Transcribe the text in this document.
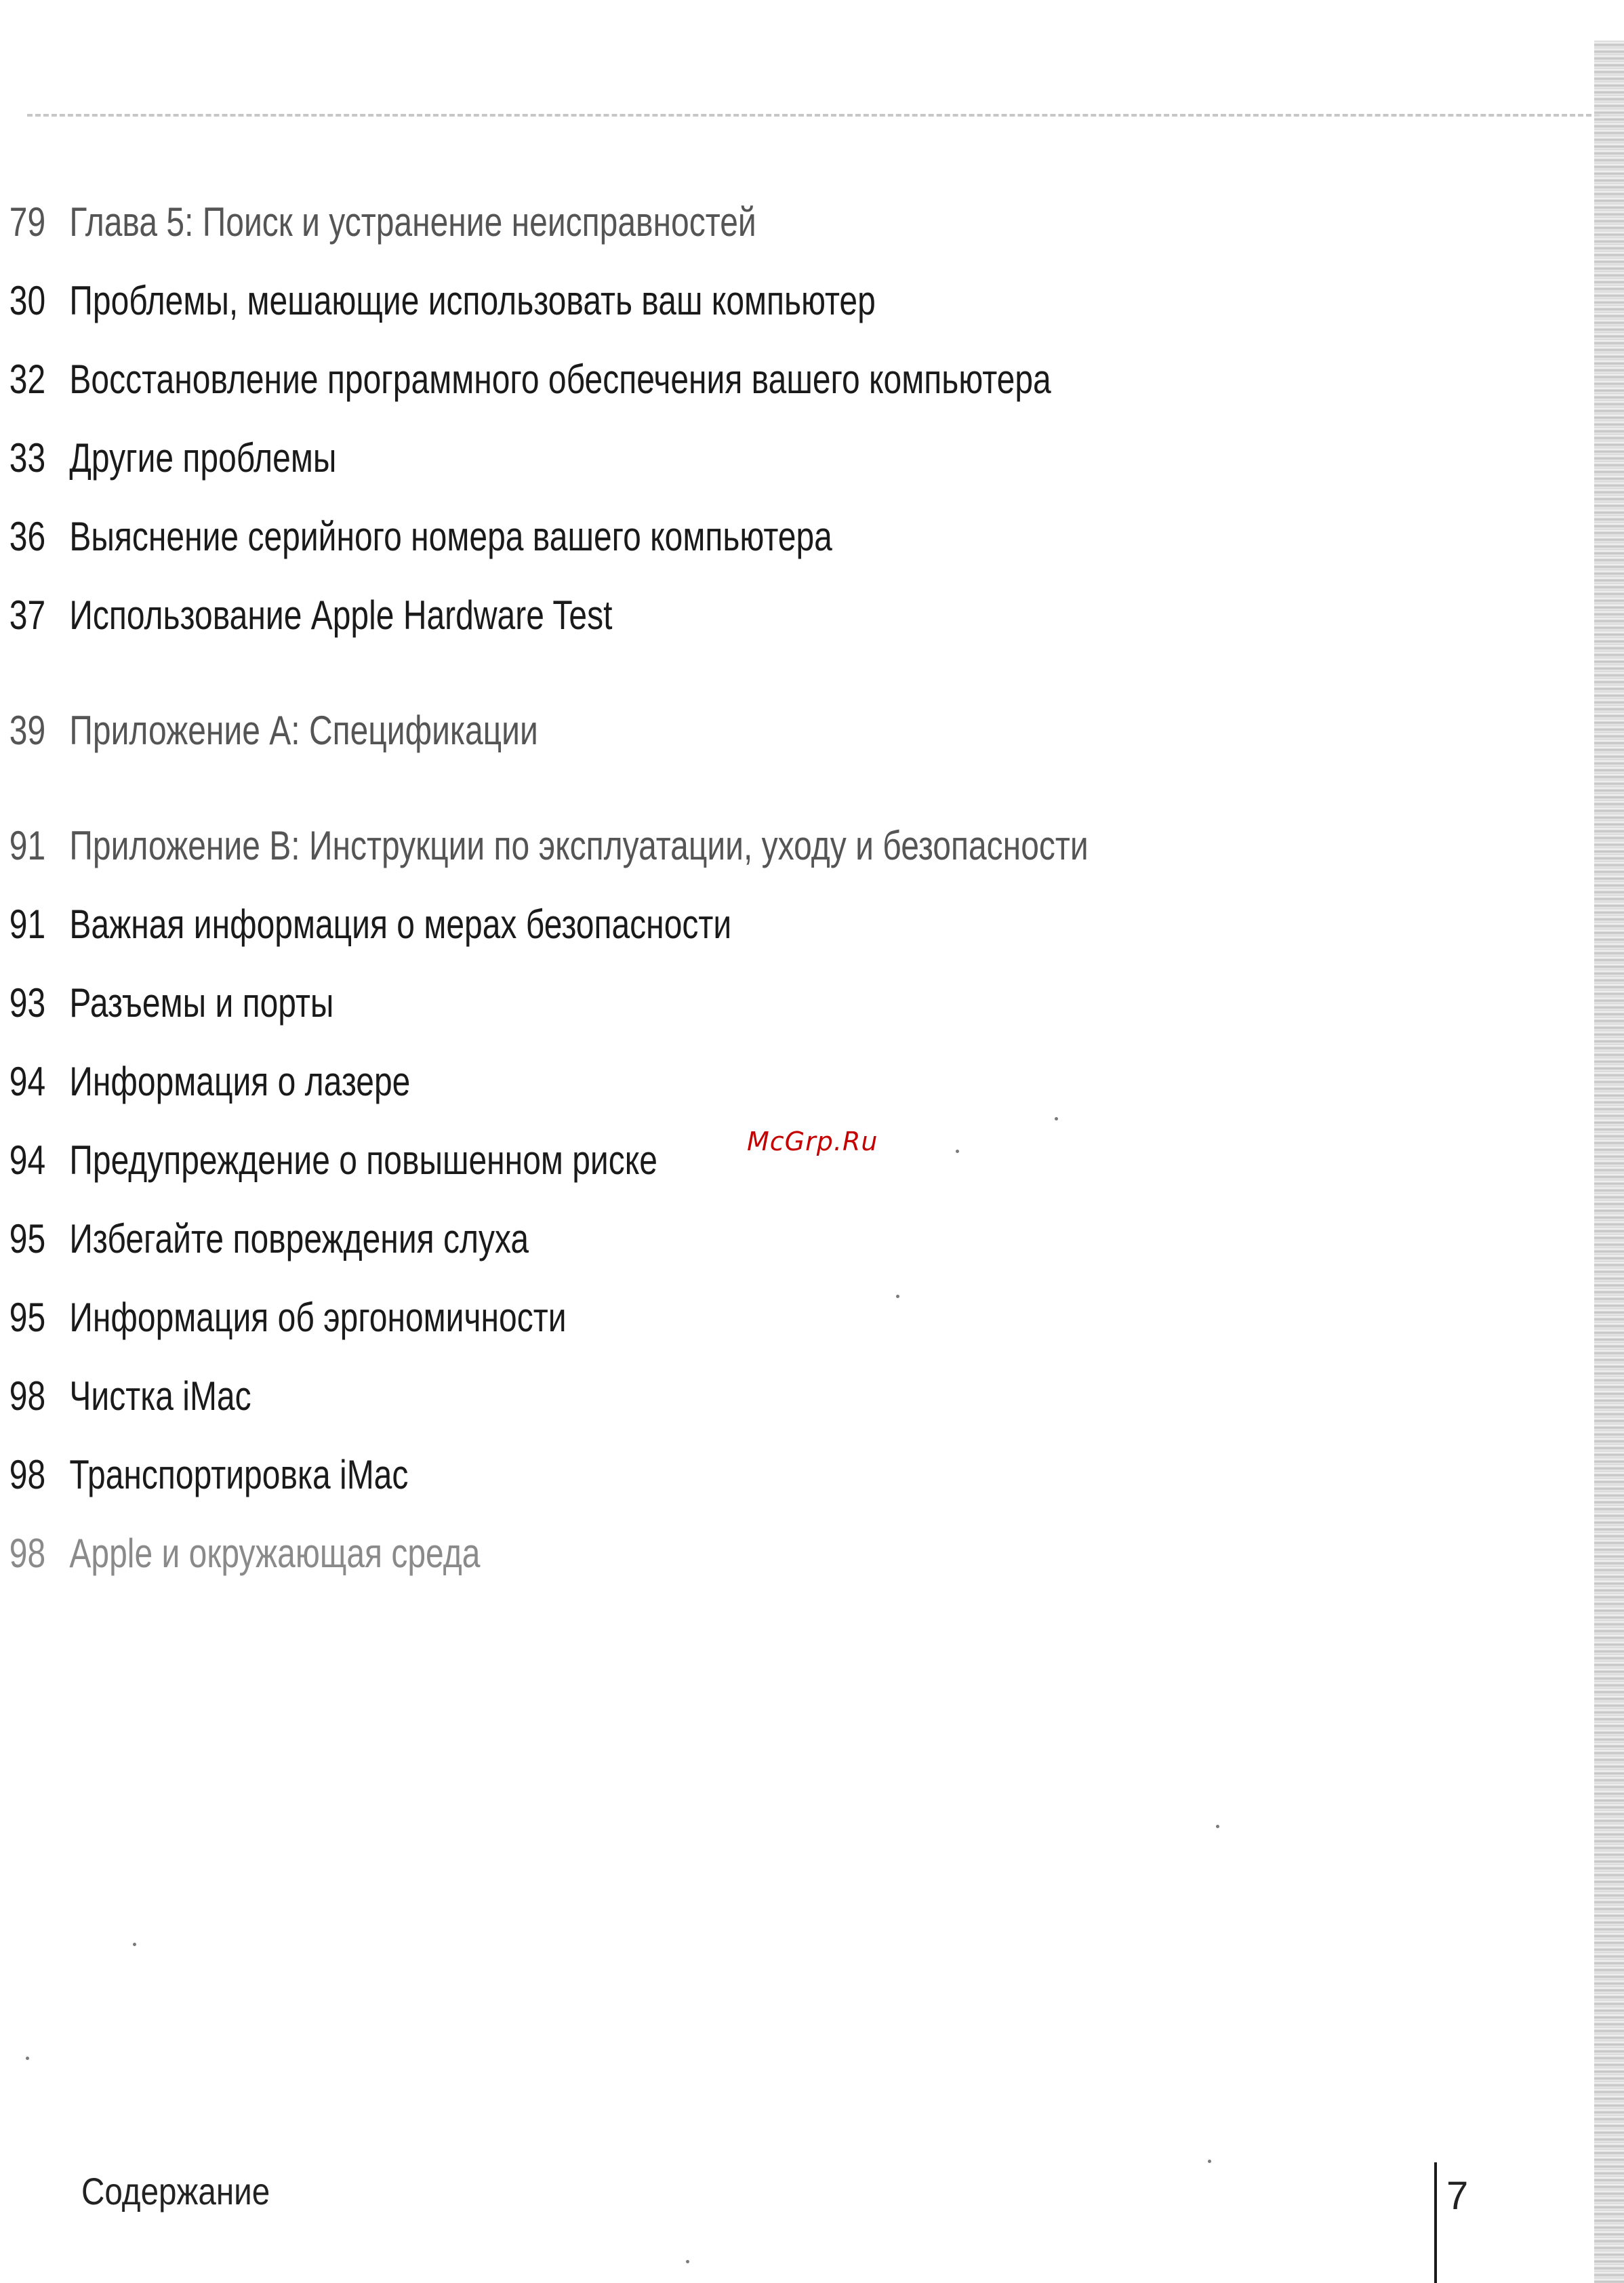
79 Глава 5: Поиск и устранение неисправностей
30 Проблемы, мешающие использовать ваш компьютер
32 Восстановление программного обеспечения вашего компьютера
33 Другие проблемы
36 Выяснение серийного номера вашего компьютера
37 Использование Apple Hardware Test
39 Приложение А: Спецификации
91 Приложение В: Инструкции по эксплуатации, уходу и безопасности
91 Важная информация о мерах безопасности
93 Разъемы и порты
94 Информация о лазере
94 Предупреждение о повышенном риске
95 Избегайте повреждения слуха
95 Информация об эргономичности
98 Чистка iMac
98 Транспортировка iMac
98 Apple и окружающая среда
McGrp.Ru
Содержание	7
